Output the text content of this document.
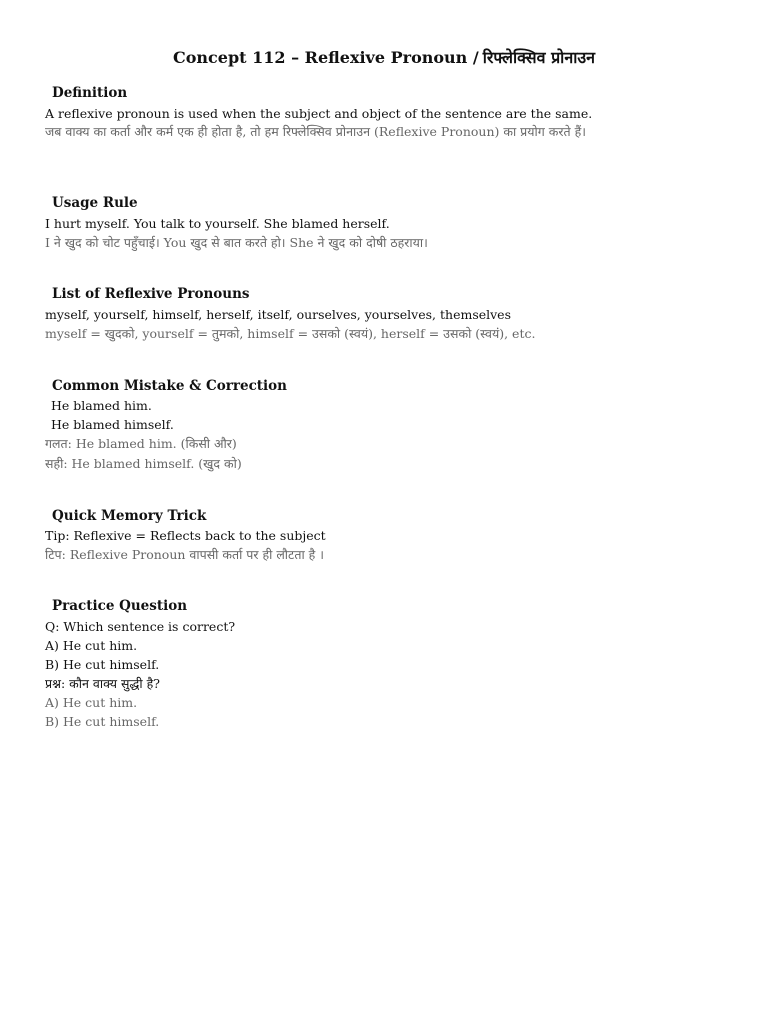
Concept 112 – Reflexive Pronoun / रिफ्लेक्सिव प्रोनाउन
Definition
A reflexive pronoun is used when the subject and object of the sentence are the same.
जब वाक्य का कर्ता और कर्म एक ही होता है, तो हम रिफ्लेक्सिव प्रोनाउन (Reflexive Pronoun) का प्रयोग करते हैं।
Usage Rule
I hurt myself. You talk to yourself. She blamed herself.
I ने खुद को चोट पहुँचाई। You खुद से बात करते हो। She ने खुद को दोषी ठहराया।
List of Reflexive Pronouns
myself, yourself, himself, herself, itself, ourselves, yourselves, themselves
myself = खुदको, yourself = तुमको, himself = उसको (स्वयं), herself = उसको (स्वयंं), etc.
Common Mistake & Correction
He blamed him.
He blamed himself.
गलत: He blamed him. (किसी और)
सही: He blamed himself. (खुद को)
Quick Memory Trick
Tip: Reflexive = Reflects back to the subject
टिप: Reflexive Pronoun वापसी कर्ता पर ही लौटता है ।
Practice Question
Q: Which sentence is correct?
A) He cut him.
B) He cut himself.
प्रश्न: कौन वाक्य सुद्धी है?
A) He cut him.
B) He cut himself.
